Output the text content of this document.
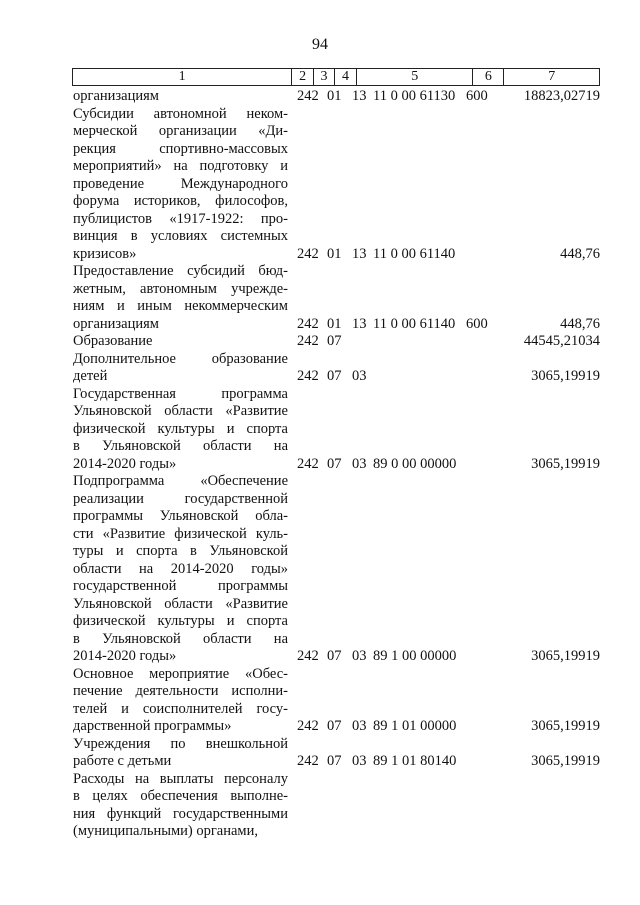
94
1	2	3	4	5	6	7
организациям	242 01 13 11 0 00 61130 600 18823,02719
Субсидии автономной неком-
мерческой организации «Ди-
рекция спортивно-массовых
мероприятий» на подготовку и
проведение Международного
форума историков, философов,
публицистов «1917-1922: про-
винция в условиях системных
кризисов»	242 01 13 11 0 00 61140	448,76
Предоставление субсидий бюд-
жетным, автономным учрежде-
ниям и иным некоммерческим
организациям	242 01 13 11 0 00 61140 600	448,76
Образование	242 07	44545,21034
Дополнительное образование
детей	242 07 03	3065,19919
Государственная программа
Ульяновской области «Развитие
физической культуры и спорта
в Ульяновской области на
2014-2020 годы»	242 07 03 89 0 00 00000	3065,19919
Подпрограмма «Обеспечение
реализации государственной
программы Ульяновской обла-
сти «Развитие физической куль-
туры и спорта в Ульяновской
области на 2014-2020 годы»
государственной программы
Ульяновской области «Развитие
физической культуры и спорта
в Ульяновской области на
2014-2020 годы»	242 07 03 89 1 00 00000	3065,19919
Основное мероприятие «Обес-
печение деятельности исполни-
телей и соисполнителей госу-
дарственной программы»	242 07 03 89 1 01 00000	3065,19919
Учреждения по внешкольной
работе с детьми	242 07 03 89 1 01 80140	3065,19919
Расходы на выплаты персоналу
в целях обеспечения выполне-
ния функций государственными
(муниципальными) органами,
